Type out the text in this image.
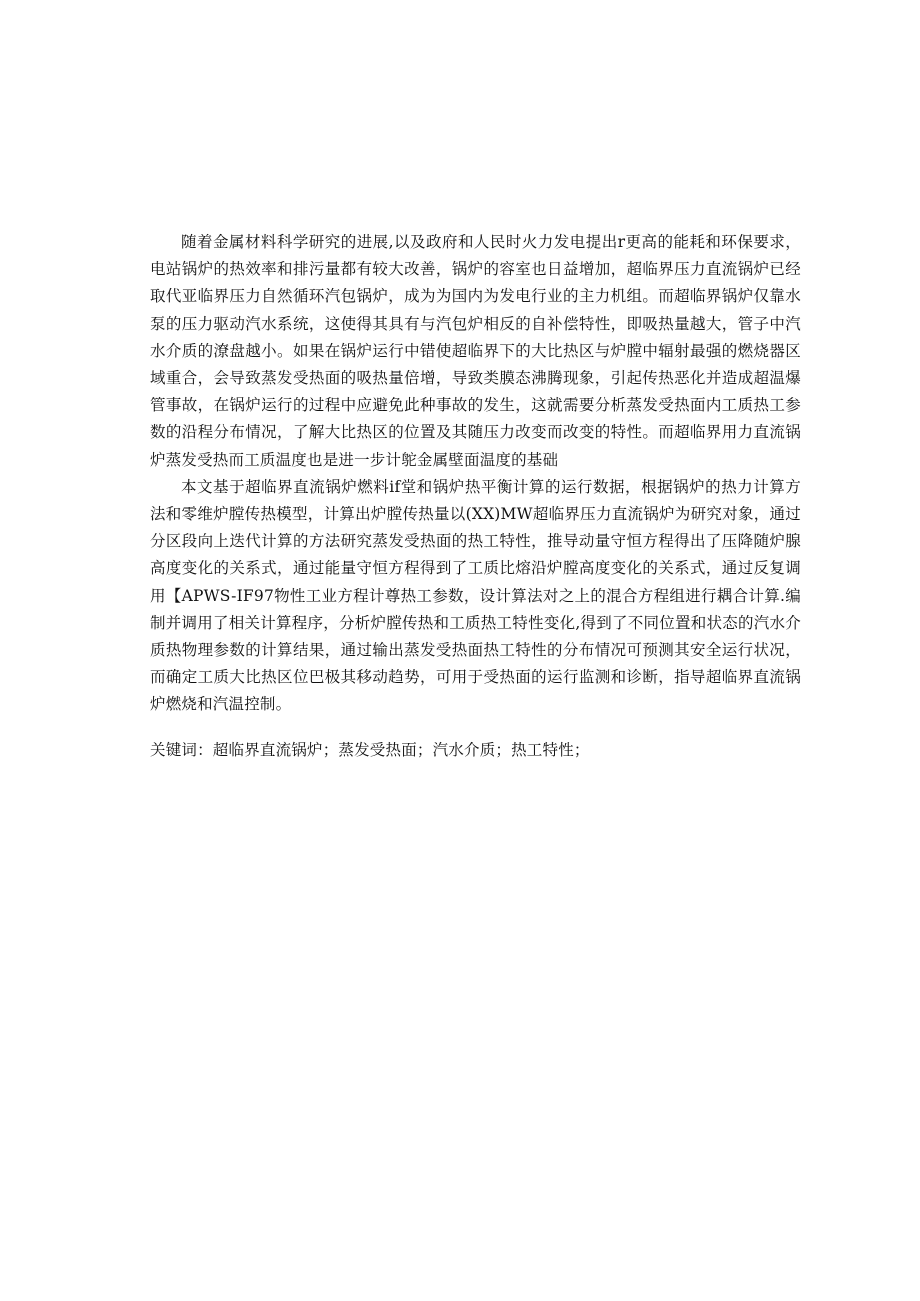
随着金属材料科学研究的进展,以及政府和人民时火力发电提出r更高的能耗和环保要求，电站锅炉的热效率和排污量都有较大改善，锅炉的容室也日益增加，超临界压力直流锅炉已经取代亚临界压力自然循环汽包锅炉，成为为国内为发电行业的主力机组。而超临界锅炉仅靠水泵的压力驱动汽水系统，这使得其具有与汽包炉相反的自补偿特性，即吸热量越大，管子中汽水介质的潦盘越小。如果在锅炉运行中错使超临界下的大比热区与炉膛中辐射最强的燃烧器区域重合，会导致蒸发受热面的吸热量倍增，导致类膜态沸腾现象，引起传热恶化并造成超温爆管事故，在锅炉运行的过程中应避免此种事故的发生，这就需要分析蒸发受热面内工质热工参数的沿程分布情况，了解大比热区的位置及其随压力改变而改变的特性。而超临界用力直流锅炉蒸发受热而工质温度也是进一步计鸵金属壁面温度的基础

本文基于超临界直流锅炉燃料if堂和锅炉热平衡计算的运行数据，根据锅炉的热力计算方法和零维炉膛传热模型，计算出炉膛传热量以(XX)MW超临界压力直流锅炉为研究对象，通过分区段向上迭代计算的方法研究蒸发受热面的热工特性，推导动量守恒方程得出了压降随炉腺高度变化的关系式，通过能量守恒方程得到了工质比熔沿炉膛高度变化的关系式，通过反复调用【APWS-IF97物性工业方程计尊热工参数，设计算法对之上的混合方程组进行耦合计算.编制并调用了相关计算程序，分析炉膛传热和工质热工特性变化,得到了不同位置和状态的汽水介质热物理参数的计算结果，通过输出蒸发受热面热工特性的分布情况可预测其安全运行状况，而确定工质大比热区位巴极其移动趋势，可用于受热面的运行监测和诊断，指导超临界直流锅炉燃烧和汽温控制。

关键词：超临界直流锅炉；蒸发受热面；汽水介质；热工特性；
